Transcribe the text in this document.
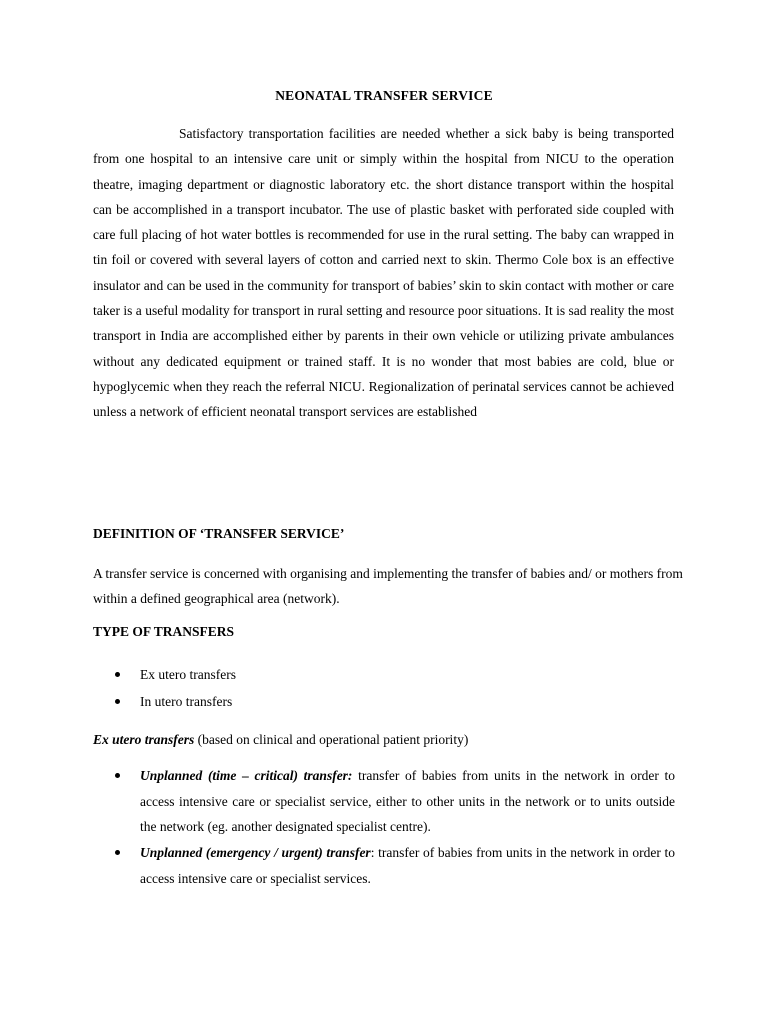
NEONATAL TRANSFER SERVICE

Satisfactory transportation facilities are needed whether a sick baby is being transported from one hospital to an intensive care unit or simply within the hospital from NICU to the operation theatre, imaging department or diagnostic laboratory etc. the short distance transport within the hospital can be accomplished in a transport incubator. The use of plastic basket with perforated side coupled with care full placing of hot water bottles is recommended for use in the rural setting. The baby can wrapped in tin foil or covered with several layers of cotton and carried next to skin. Thermo Cole box is an effective insulator and can be used in the community for transport of babies’ skin to skin contact with mother or care taker is a useful modality for transport in rural setting and resource poor situations. It is sad reality the most transport in India are accomplished either by parents in their own vehicle or utilizing private ambulances without any dedicated equipment or trained staff. It is no wonder that most babies are cold, blue or hypoglycemic when they reach the referral NICU. Regionalization of perinatal services cannot be achieved unless a network of efficient neonatal transport services are established

DEFINITION OF ‘TRANSFER SERVICE’

A transfer service is concerned with organising and implementing the transfer of babies and/ or mothers from within a defined geographical area (network).

TYPE OF TRANSFERS

Ex utero transfers
In utero transfers

Ex utero transfers (based on clinical and operational patient priority)

Unplanned (time – critical) transfer: transfer of babies from units in the network in order to access intensive care or specialist service, either to other units in the network or to units outside the network (eg. another designated specialist centre).
Unplanned (emergency / urgent) transfer: transfer of babies from units in the network in order to access intensive care or specialist services.
